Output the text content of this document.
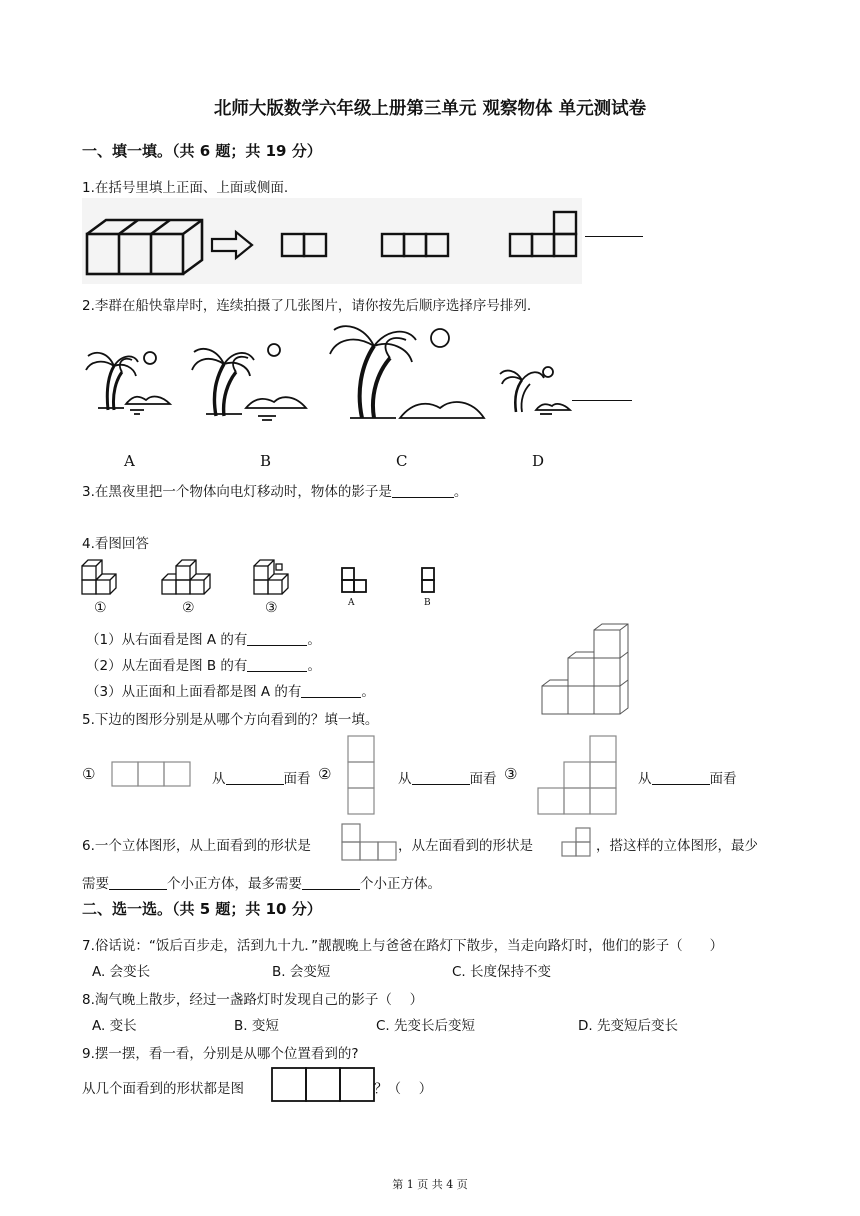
北师大版数学六年级上册第三单元 观察物体 单元测试卷
一、填一填。（共 6 题；共 19 分）
1.在括号里填上正面、上面或侧面.
2.李群在船快靠岸时，连续拍摄了几张图片，请你按先后顺序选择序号排列.
A	B	C	D
3.在黑夜里把一个物体向电灯移动时，物体的影子是	。
4.看图回答
①	②	③	A	B
（1）从右面看是图 A 的有	。
（2）从左面看是图 B 的有	。
（3）从正面和上面看都是图 A 的有	。
5.下边的图形分别是从哪个方向看到的？填一填。
①	从	面看 ②	从	面看 ③	从	面看
6.一个立体图形，从上面看到的形状是	，从左面看到的形状是	，搭这样的立体图形，最少
需要	个小正方体，最多需要	个小正方体。
二、选一选。（共 5 题；共 10 分）
7.俗话说：“饭后百步走，活到九十九．”靓靓晚上与爸爸在路灯下散步，当走向路灯时，他们的影子（　　）
A. 会变长	B. 会变短	C. 长度保持不变
8.淘气晚上散步，经过一盏路灯时发现自己的影子（　 ）
A. 变长	B. 变短	C. 先变长后变短	D. 先变短后变长
9.摆一摆，看一看，分别是从哪个位置看到的?
从几个面看到的形状都是图	？（　 ）
第 1 页 共 4 页
